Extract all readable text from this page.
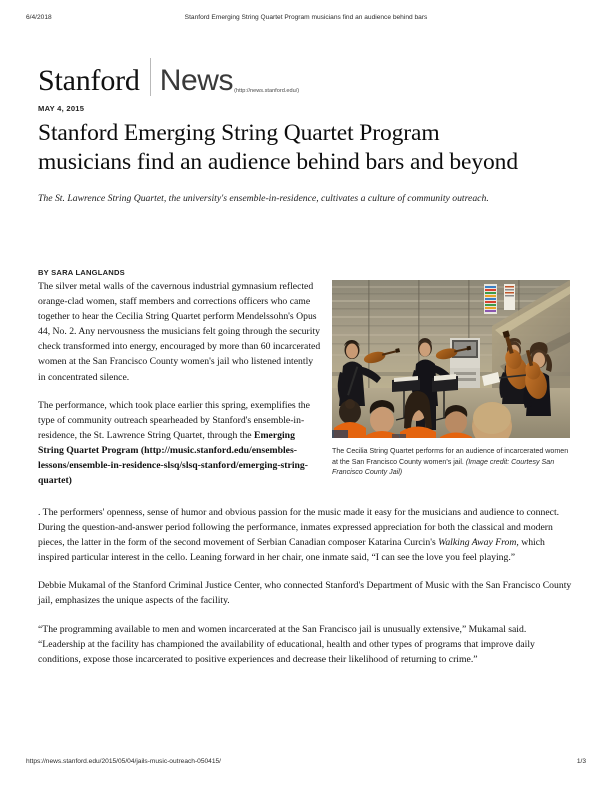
6/4/2018	Stanford Emerging String Quartet Program musicians find an audience behind bars
Stanford News (http://news.stanford.edu/)
MAY 4, 2015
Stanford Emerging String Quartet Program musicians find an audience behind bars and beyond
The St. Lawrence String Quartet, the university's ensemble-in-residence, cultivates a culture of community outreach.
The Cecilia String Quartet performs for an audience of incarcerated women at the San Francisco County women's jail. (Image credit: Courtesy San Francisco County Jail)
BY SARA LANGLANDS

The silver metal walls of the cavernous industrial gymnasium reflected orange-clad women, staff members and corrections officers who came together to hear the Cecilia String Quartet perform Mendelssohn's Opus 44, No. 2. Any nervousness the musicians felt going through the security check transformed into energy, encouraged by more than 60 incarcerated women at the San Francisco County women's jail who listened intently in concentrated silence.

The performance, which took place earlier this spring, exemplifies the type of community outreach spearheaded by Stanford's ensemble-in-residence, the St. Lawrence String Quartet, through the Emerging String Quartet Program (http://music.stanford.edu/ensembles-lessons/ensemble-in-residence-slsq/slsq-stanford/emerging-string-quartet)

. The performers' openness, sense of humor and obvious passion for the music made it easy for the musicians and audience to connect. During the question-and-answer period following the performance, inmates expressed appreciation for both the classical and modern pieces, the latter in the form of the second movement of Serbian Canadian composer Katarina Curcin's Walking Away From, which inspired particular interest in the cello. Leaning forward in her chair, one inmate said, “I can see the love you feel playing.”

Debbie Mukamal of the Stanford Criminal Justice Center, who connected Stanford's Department of Music with the San Francisco County jail, emphasizes the unique aspects of the facility.

“The programming available to men and women incarcerated at the San Francisco jail is unusually extensive,” Mukamal said. “Leadership at the facility has championed the availability of educational, health and other types of programs that improve daily conditions, expose those incarcerated to positive experiences and decrease their likelihood of returning to crime.”

https://news.stanford.edu/2015/05/04/jails-music-outreach-050415/	1/3
